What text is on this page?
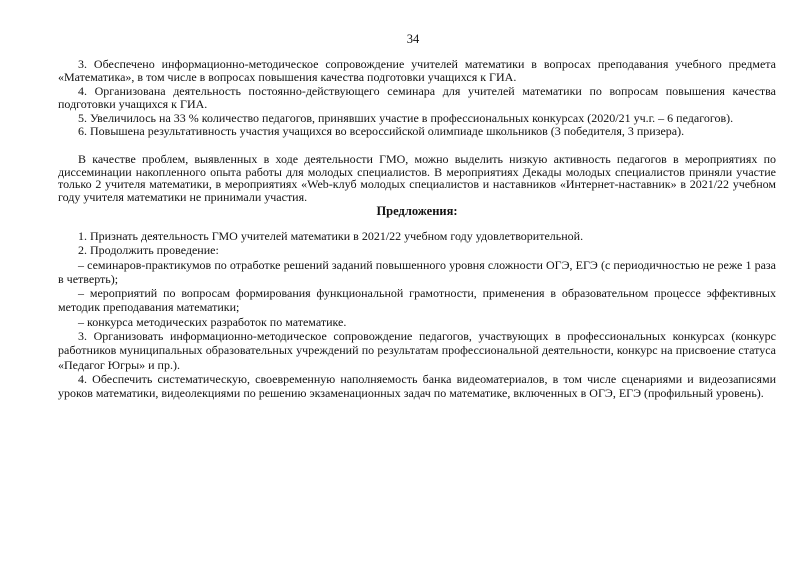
34

3. Обеспечено информационно-методическое сопровождение учителей математики в вопросах преподавания учебного предмета «Математика», в том числе в вопросах повышения качества подготовки учащихся к ГИА.

4. Организована деятельность постоянно-действующего семинара для учителей математики по вопросам повышения качества подготовки учащихся к ГИА.

5. Увеличилось на 33 % количество педагогов, принявших участие в профессиональных конкурсах (2020/21 уч.г. – 6 педагогов).

6. Повышена результативность участия учащихся во всероссийской олимпиаде школьников (3 победителя, 3 призера).

В качестве проблем, выявленных в ходе деятельности ГМО, можно выделить низкую активность педагогов в мероприятиях по диссеминации накопленного опыта работы для молодых специалистов. В мероприятиях Декады молодых специалистов приняли участие только 2 учителя математики, в мероприятиях «Web-клуб молодых специалистов и наставников «Интернет-наставник» в 2021/22 учебном году учителя математики не принимали участия.

Предложения:

1. Признать деятельность ГМО учителей математики в 2021/22 учебном году удовлетворительной.

2. Продолжить проведение:

– семинаров-практикумов по отработке решений заданий повышенного уровня сложности ОГЭ, ЕГЭ (с периодичностью не реже 1 раза в четверть);

– мероприятий по вопросам формирования функциональной грамотности, применения в образовательном процессе эффективных методик преподавания математики;

– конкурса методических разработок по математике.

3. Организовать информационно-методическое сопровождение педагогов, участвующих в профессиональных конкурсах (конкурс работников муниципальных образовательных учреждений по результатам профессиональной деятельности, конкурс на присвоение статуса «Педагог Югры» и пр.).

4. Обеспечить систематическую, своевременную наполняемость банка видеоматериалов, в том числе сценариями и видеозаписями уроков математики, видеолекциями по решению экзаменационных задач по математике, включенных в ОГЭ, ЕГЭ (профильный уровень).
